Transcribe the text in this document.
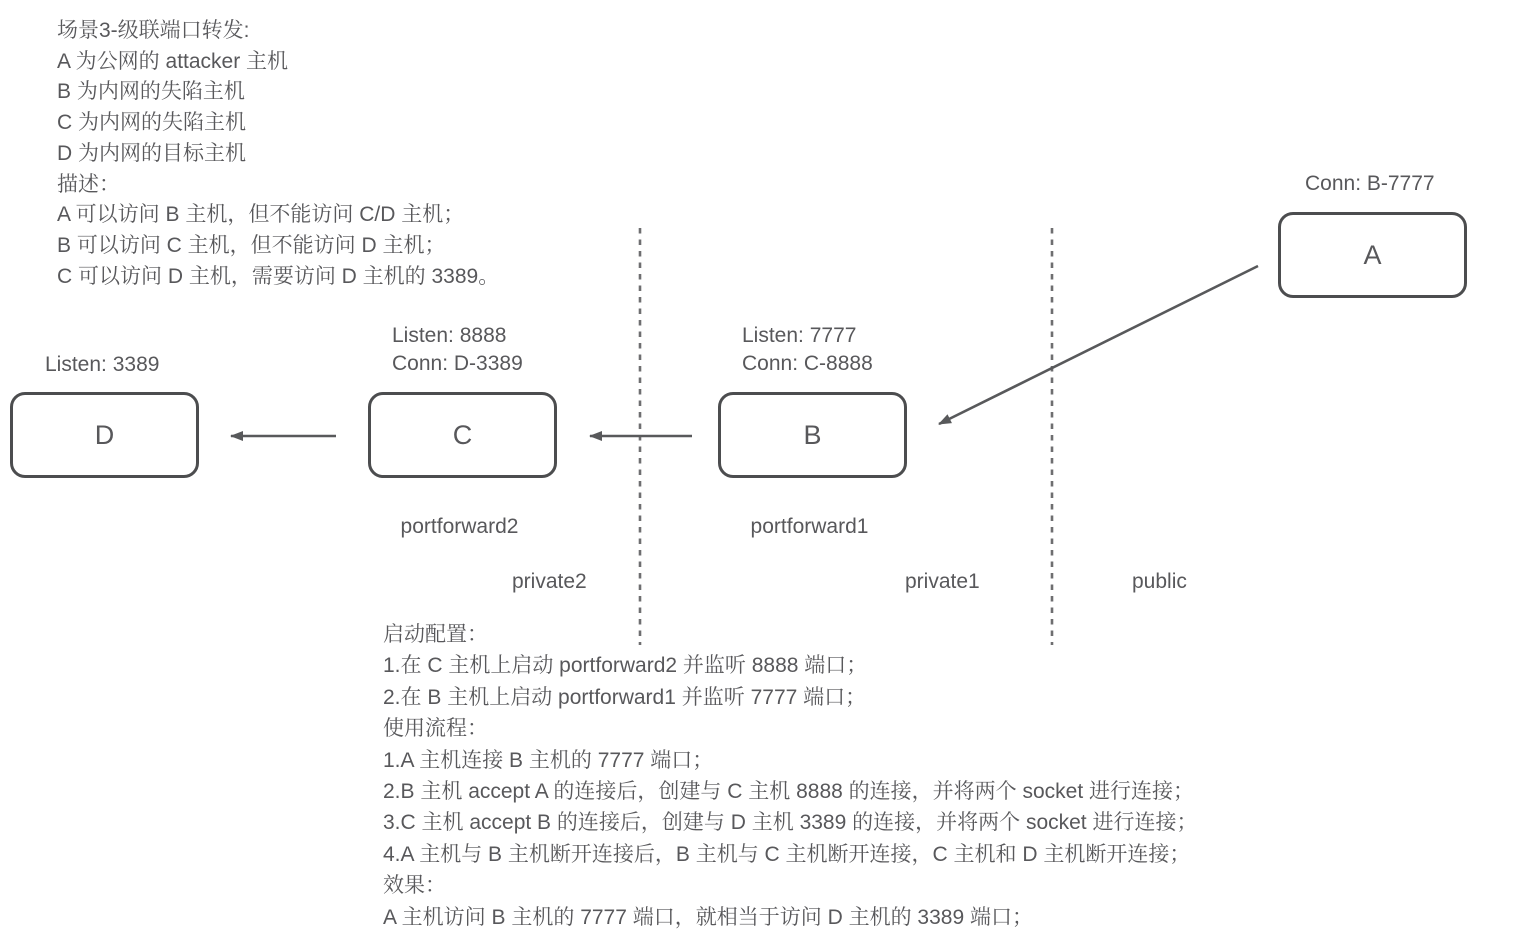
场景3-级联端口转发:
A 为公网的 attacker 主机
B 为内网的失陷主机
C 为内网的失陷主机
D 为内网的目标主机
描述：
A 可以访问 B 主机，但不能访问 C/D 主机；
B 可以访问 C 主机，但不能访问 D 主机；
C 可以访问 D 主机，需要访问 D 主机的 3389。
Conn: B-7777
Listen: 7777
Conn: C-8888
Listen: 8888
Conn: D-3389
Listen: 3389
A
B
C
D
portforward2	portforward1
private2	private1	public
启动配置：
1.在 C 主机上启动 portforward2 并监听 8888 端口；
2.在 B 主机上启动 portforward1 并监听 7777 端口；
使用流程：
1.A 主机连接 B 主机的 7777 端口；
2.B 主机 accept A 的连接后，创建与 C 主机 8888 的连接，并将两个 socket 进行连接；
3.C 主机 accept B 的连接后，创建与 D 主机 3389 的连接，并将两个 socket 进行连接；
4.A 主机与 B 主机断开连接后，B 主机与 C 主机断开连接，C 主机和 D 主机断开连接；
效果：
A 主机访问 B 主机的 7777 端口，就相当于访问 D 主机的 3389 端口；
